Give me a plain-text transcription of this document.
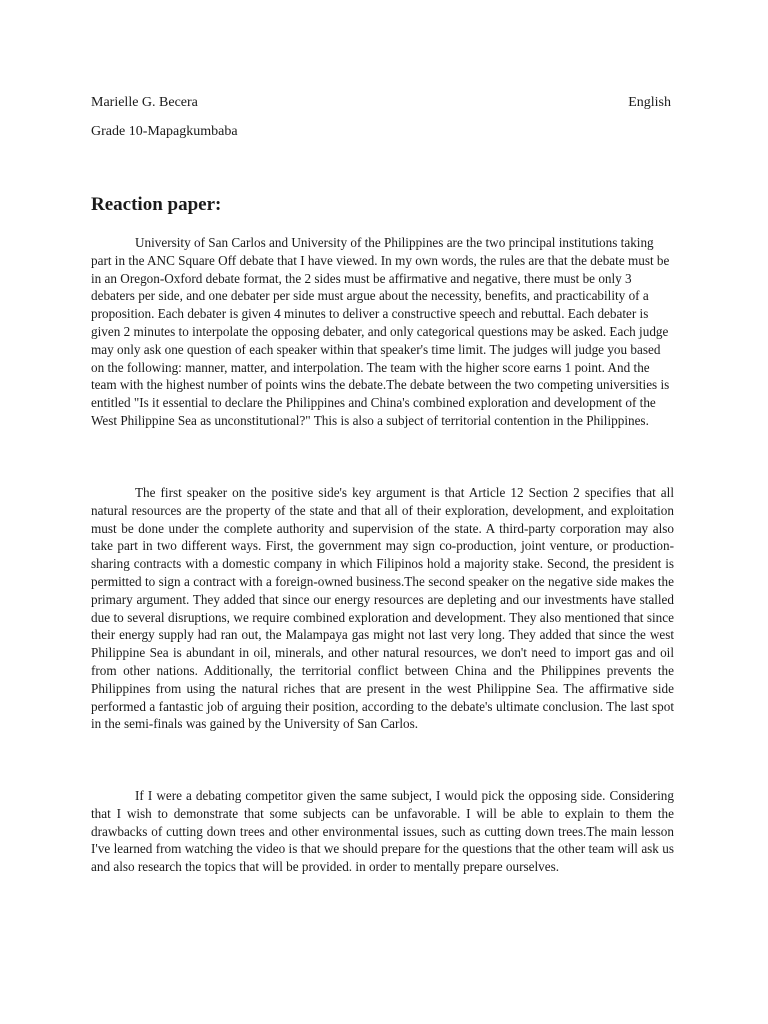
Marielle G. Becera	English
Grade 10-Mapagkumbaba
Reaction paper:

University of San Carlos and University of the Philippines are the two principal institutions taking part in the ANC Square Off debate that I have viewed. In my own words, the rules are that the debate must be in an Oregon-Oxford debate format, the 2 sides must be affirmative and negative, there must be only 3 debaters per side, and one debater per side must argue about the necessity, benefits, and practicability of a proposition. Each debater is given 4 minutes to deliver a constructive speech and rebuttal. Each debater is given 2 minutes to interpolate the opposing debater, and only categorical questions may be asked. Each judge may only ask one question of each speaker within that speaker's time limit. The judges will judge you based on the following: manner, matter, and interpolation. The team with the higher score earns 1 point. And the team with the highest number of points wins the debate.The debate between the two competing universities is entitled "Is it essential to declare the Philippines and China's combined exploration and development of the West Philippine Sea as unconstitutional?" This is also a subject of territorial contention in the Philippines.

The first speaker on the positive side's key argument is that Article 12 Section 2 specifies that all natural resources are the property of the state and that all of their exploration, development, and exploitation must be done under the complete authority and supervision of the state. A third-party corporation may also take part in two different ways. First, the government may sign co-production, joint venture, or production-sharing contracts with a domestic company in which Filipinos hold a majority stake. Second, the president is permitted to sign a contract with a foreign-owned business.The second speaker on the negative side makes the primary argument. They added that since our energy resources are depleting and our investments have stalled due to several disruptions, we require combined exploration and development. They also mentioned that since their energy supply had ran out, the Malampaya gas might not last very long. They added that since the west Philippine Sea is abundant in oil, minerals, and other natural resources, we don't need to import gas and oil from other nations. Additionally, the territorial conflict between China and the Philippines prevents the Philippines from using the natural riches that are present in the west Philippine Sea. The affirmative side performed a fantastic job of arguing their position, according to the debate's ultimate conclusion. The last spot in the semi-finals was gained by the University of San Carlos.

If I were a debating competitor given the same subject, I would pick the opposing side. Considering that I wish to demonstrate that some subjects can be unfavorable. I will be able to explain to them the drawbacks of cutting down trees and other environmental issues, such as cutting down trees.The main lesson I've learned from watching the video is that we should prepare for the questions that the other team will ask us and also research the topics that will be provided. in order to mentally prepare ourselves.
